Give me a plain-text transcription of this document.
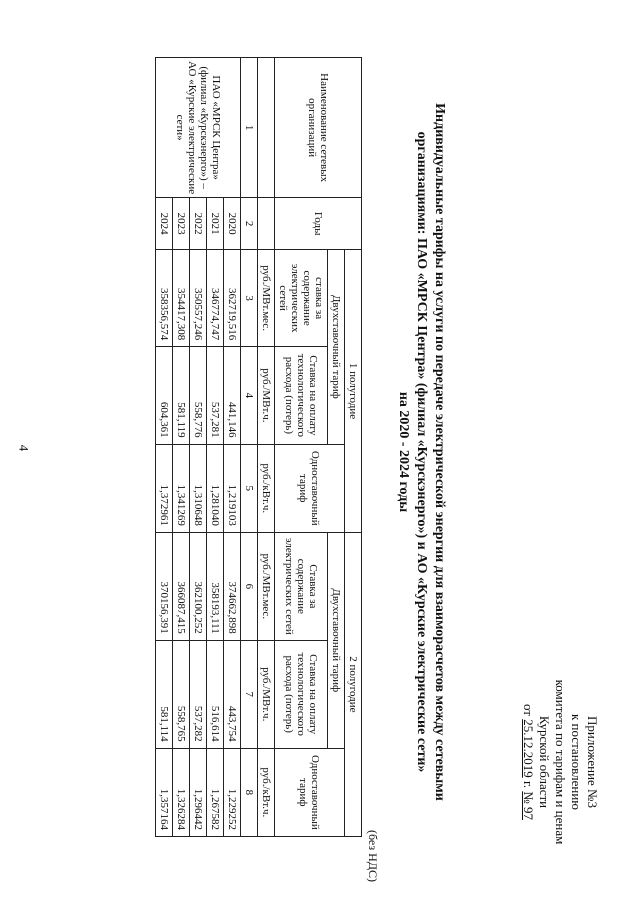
4
Приложение №3
к постановлению
комитета по тарифам и ценам
Курской области
от 25.12.2019 г. № 97
Индивидуальные тарифы на услуги по передаче электрической энергии для взаиморасчетов между сетевыми
организациями: ПАО «МРСК Центра» (филиал «Курскэнерго») и АО «Курские электрические сети»
на 2020 - 2024 годы
(без НДС)
Наименование сетевых организаций	Годы	1 полугодие			2 полугодие		
		Двухставочный тариф		Одноставочный тариф	Двухставочный тариф		Одноставочный тариф
		ставка за содержание электрических сетей	Ставка на оплату технологического расхода (потерь)		Ставка за содержание электрических сетей	Ставка на оплату технологического расхода (потерь)	
		руб./МВт.мес.	руб./МВт.ч.	руб./кВт.ч.	руб./МВт.мес.	руб./МВт.ч.	руб./кВт.ч.
1	2	3	4	5	6	7	8
ПАО «МРСК Центра» (филиал «Курскэнерго») – АО «Курские электрические сети»	2020	362719,516	441,146	1,219103	374662,898	443,754	1,229252
	2021	346774,747	537,281	1,281040	358193,111	516,614	1,267582
	2022	350557,246	558,776	1,310648	362100,252	537,282	1,296442
	2023	354417,308	581,119	1,341269	366087,415	558,765	1,326284
	2024	358356,574	604,361	1,372961	370156,391	581,114	1,357164
